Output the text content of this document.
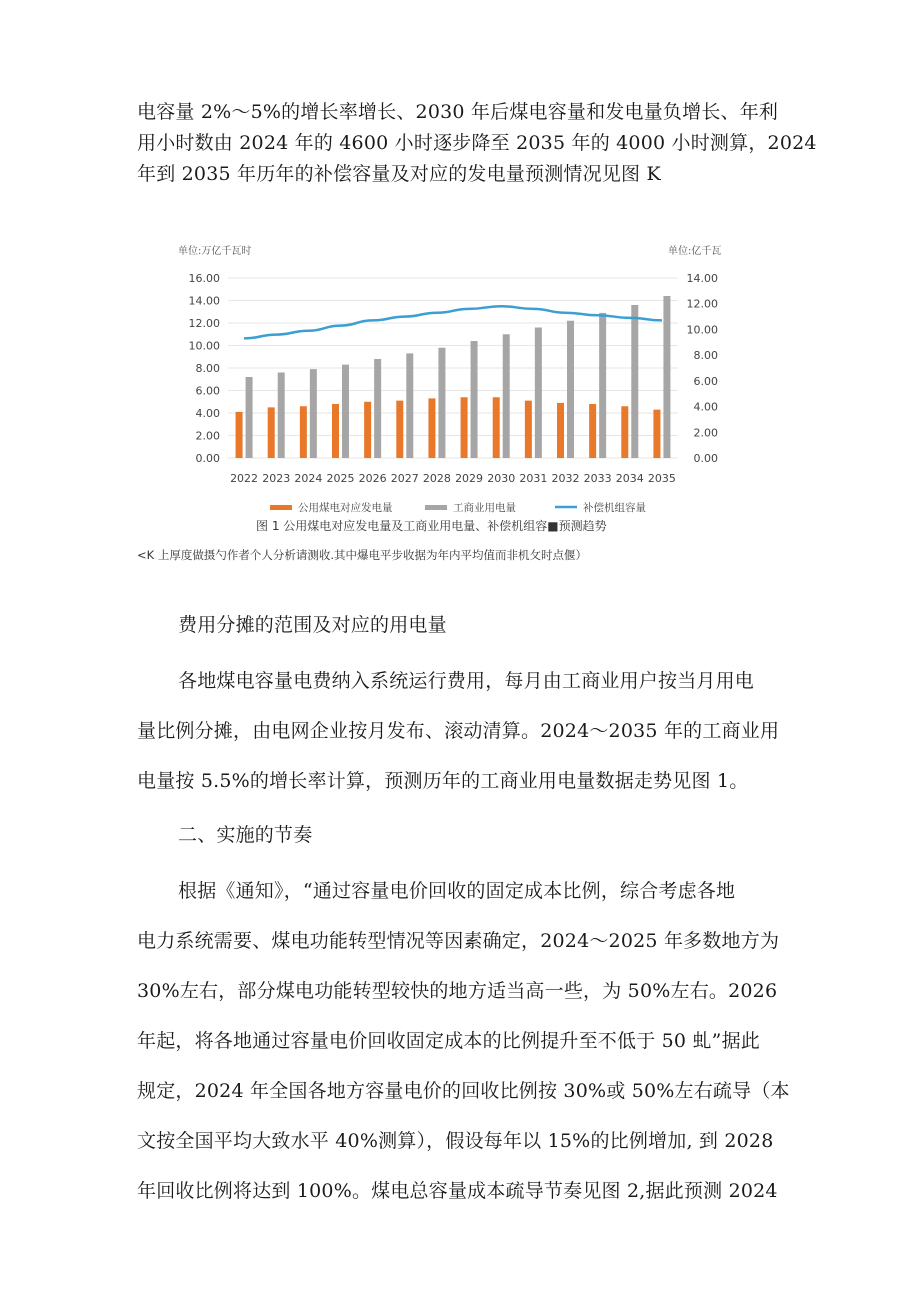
电容量 2%～5%的增长率增长、2030 年后煤电容量和发电量负增长、年利
用小时数由 2024 年的 4600 小时逐步降至 2035 年的 4000 小时测算，2024
年到 2035 年历年的补偿容量及对应的发电量预测情况见图 K
单位:万亿千瓦时	单位:亿千瓦
0.00
2.00
4.00
6.00
8.00
10.00
12.00
14.00
16.00
0.00
2.00
4.00
6.00
8.00
10.00
12.00
14.00
2022 2023 2024 2025 2026 2027 2028 2029 2030 2031 2032 2033 2034 2035
公用煤电对应发电量	工商业用电量	补偿机组容量
图 1 公用煤电对应发电量及工商业用电量、补偿机组容■预测趋势
<K 上厚度做摄勺作者个人分析请测收.其中爆电平步收据为年内平均值而非机攵时点偃）
费用分摊的范围及对应的用电量
各地煤电容量电费纳入系统运行费用，每月由工商业用户按当月用电
量比例分摊，由电网企业按月发布、滚动清算。2024～2035 年的工商业用
电量按 5.5%的增长率计算，预测历年的工商业用电量数据走势见图 1。
二、实施的节奏
根据《通知》，“通过容量电价回收的固定成本比例，综合考虑各地
电力系统需要、煤电功能转型情况等因素确定，2024～2025 年多数地方为
30%左右，部分煤电功能转型较快的地方适当高一些，为 50%左右。2026
年起，将各地通过容量电价回收固定成本的比例提升至不低于 50 虬”据此
规定，2024 年全国各地方容量电价的回收比例按 30%或 50%左右疏导（本
文按全国平均大致水平 40%测算），假设每年以 15%的比例增加, 到 2028
年回收比例将达到 100%。煤电总容量成本疏导节奏见图 2,据此预测 2024
